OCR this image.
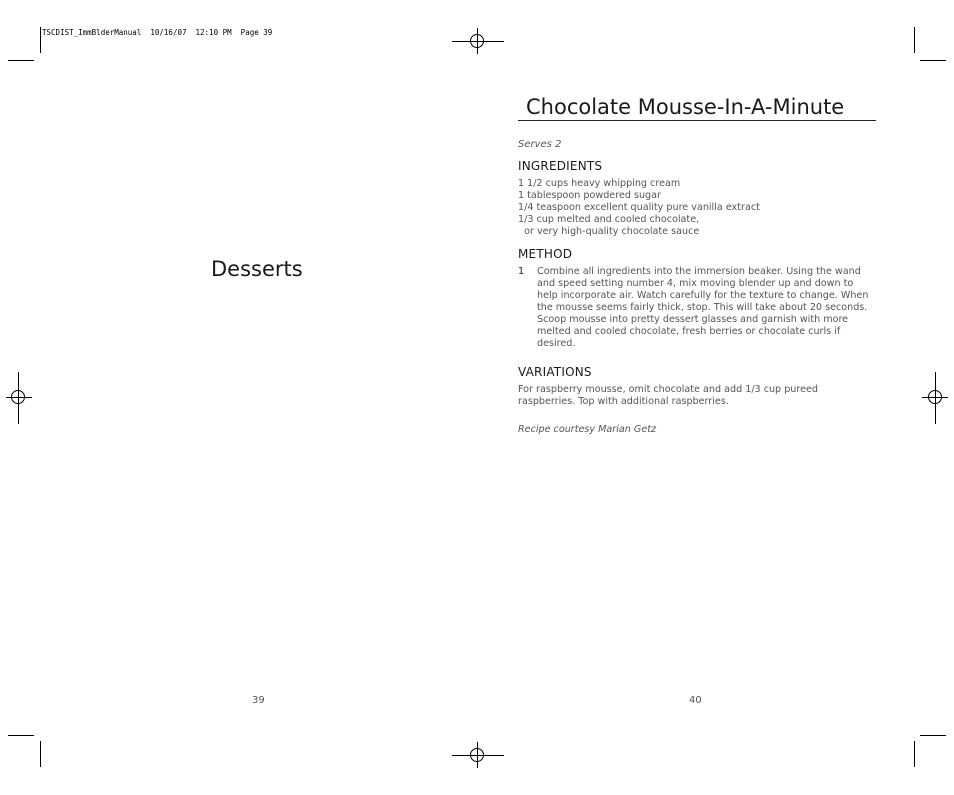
TSCDIST_ImmBlderManual  10/16/07  12:10 PM  Page 39
Desserts
39
Chocolate Mousse-In-A-Minute
Serves 2
INGREDIENTS
1 1/2 cups heavy whipping cream
1 tablespoon powdered sugar
1/4 teaspoon excellent quality pure vanilla extract
1/3 cup melted and cooled chocolate,
or very high-quality chocolate sauce
METHOD
1	Combine all ingredients into the immersion beaker. Using the wand and speed setting number 4, mix moving blender up and down to help incorporate air. Watch carefully for the texture to change. When the mousse seems fairly thick, stop. This will take about 20 seconds. Scoop mousse into pretty dessert glasses and garnish with more melted and cooled chocolate, fresh berries or chocolate curls if desired.
VARIATIONS
For raspberry mousse, omit chocolate and add 1/3 cup pureed raspberries. Top with additional raspberries.
Recipe courtesy Marian Getz
40
